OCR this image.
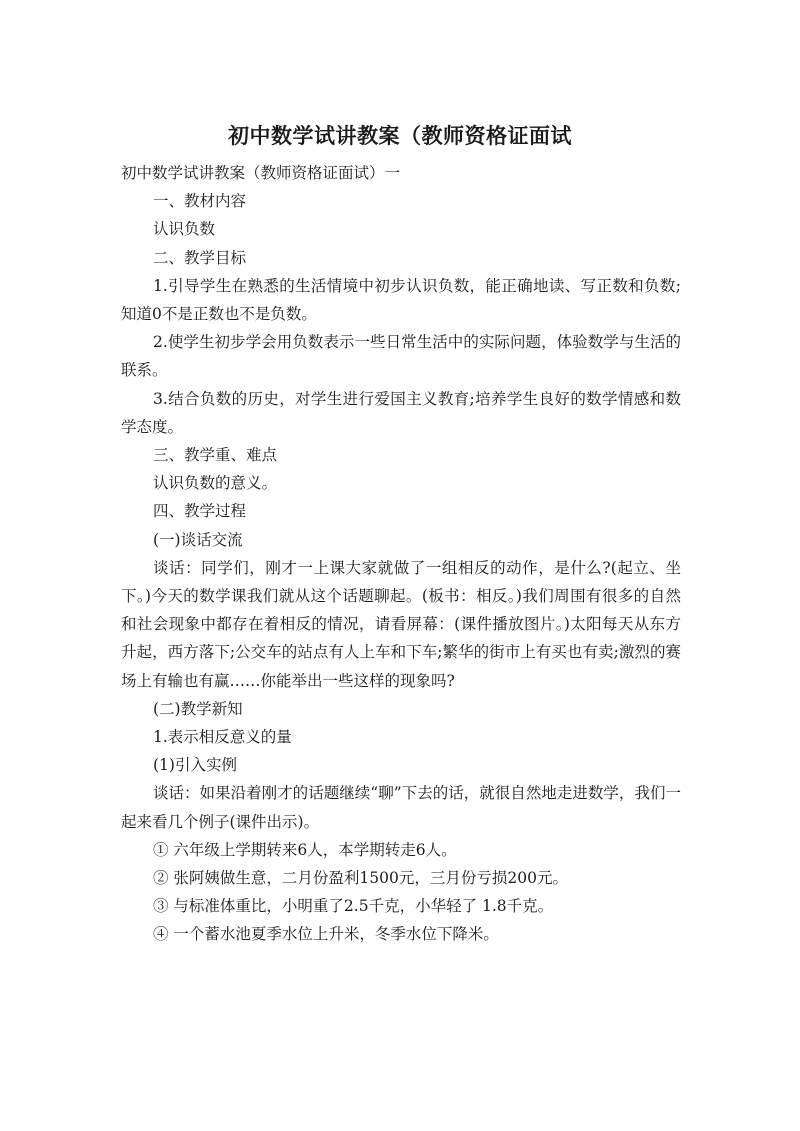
初中数学试讲教案（教师资格证面试

初中数学试讲教案（教师资格证面试）一

一、教材内容

认识负数

二、教学目标

1.引导学生在熟悉的生活情境中初步认识负数，能正确地读、写正数和负数;知道0不是正数也不是负数。

2.使学生初步学会用负数表示一些日常生活中的实际问题，体验数学与生活的联系。

3.结合负数的历史，对学生进行爱国主义教育;培养学生良好的数学情感和数学态度。

三、教学重、难点

认识负数的意义。

四、教学过程

(一)谈话交流

谈话：同学们，刚才一上课大家就做了一组相反的动作，是什么?(起立、坐下。)今天的数学课我们就从这个话题聊起。(板书：相反。)我们周围有很多的自然和社会现象中都存在着相反的情况，请看屏幕：(课件播放图片。)太阳每天从东方升起，西方落下;公交车的站点有人上车和下车;繁华的街市上有买也有卖;激烈的赛场上有输也有赢……你能举出一些这样的现象吗?

(二)教学新知

1.表示相反意义的量

(1)引入实例

谈话：如果沿着刚才的话题继续“聊”下去的话，就很自然地走进数学，我们一起来看几个例子(课件出示)。

① 六年级上学期转来6人，本学期转走6人。

② 张阿姨做生意，二月份盈利1500元，三月份亏损200元。

③ 与标准体重比，小明重了2.5千克，小华轻了 1.8千克。

④ 一个蓄水池夏季水位上升米，冬季水位下降米。
